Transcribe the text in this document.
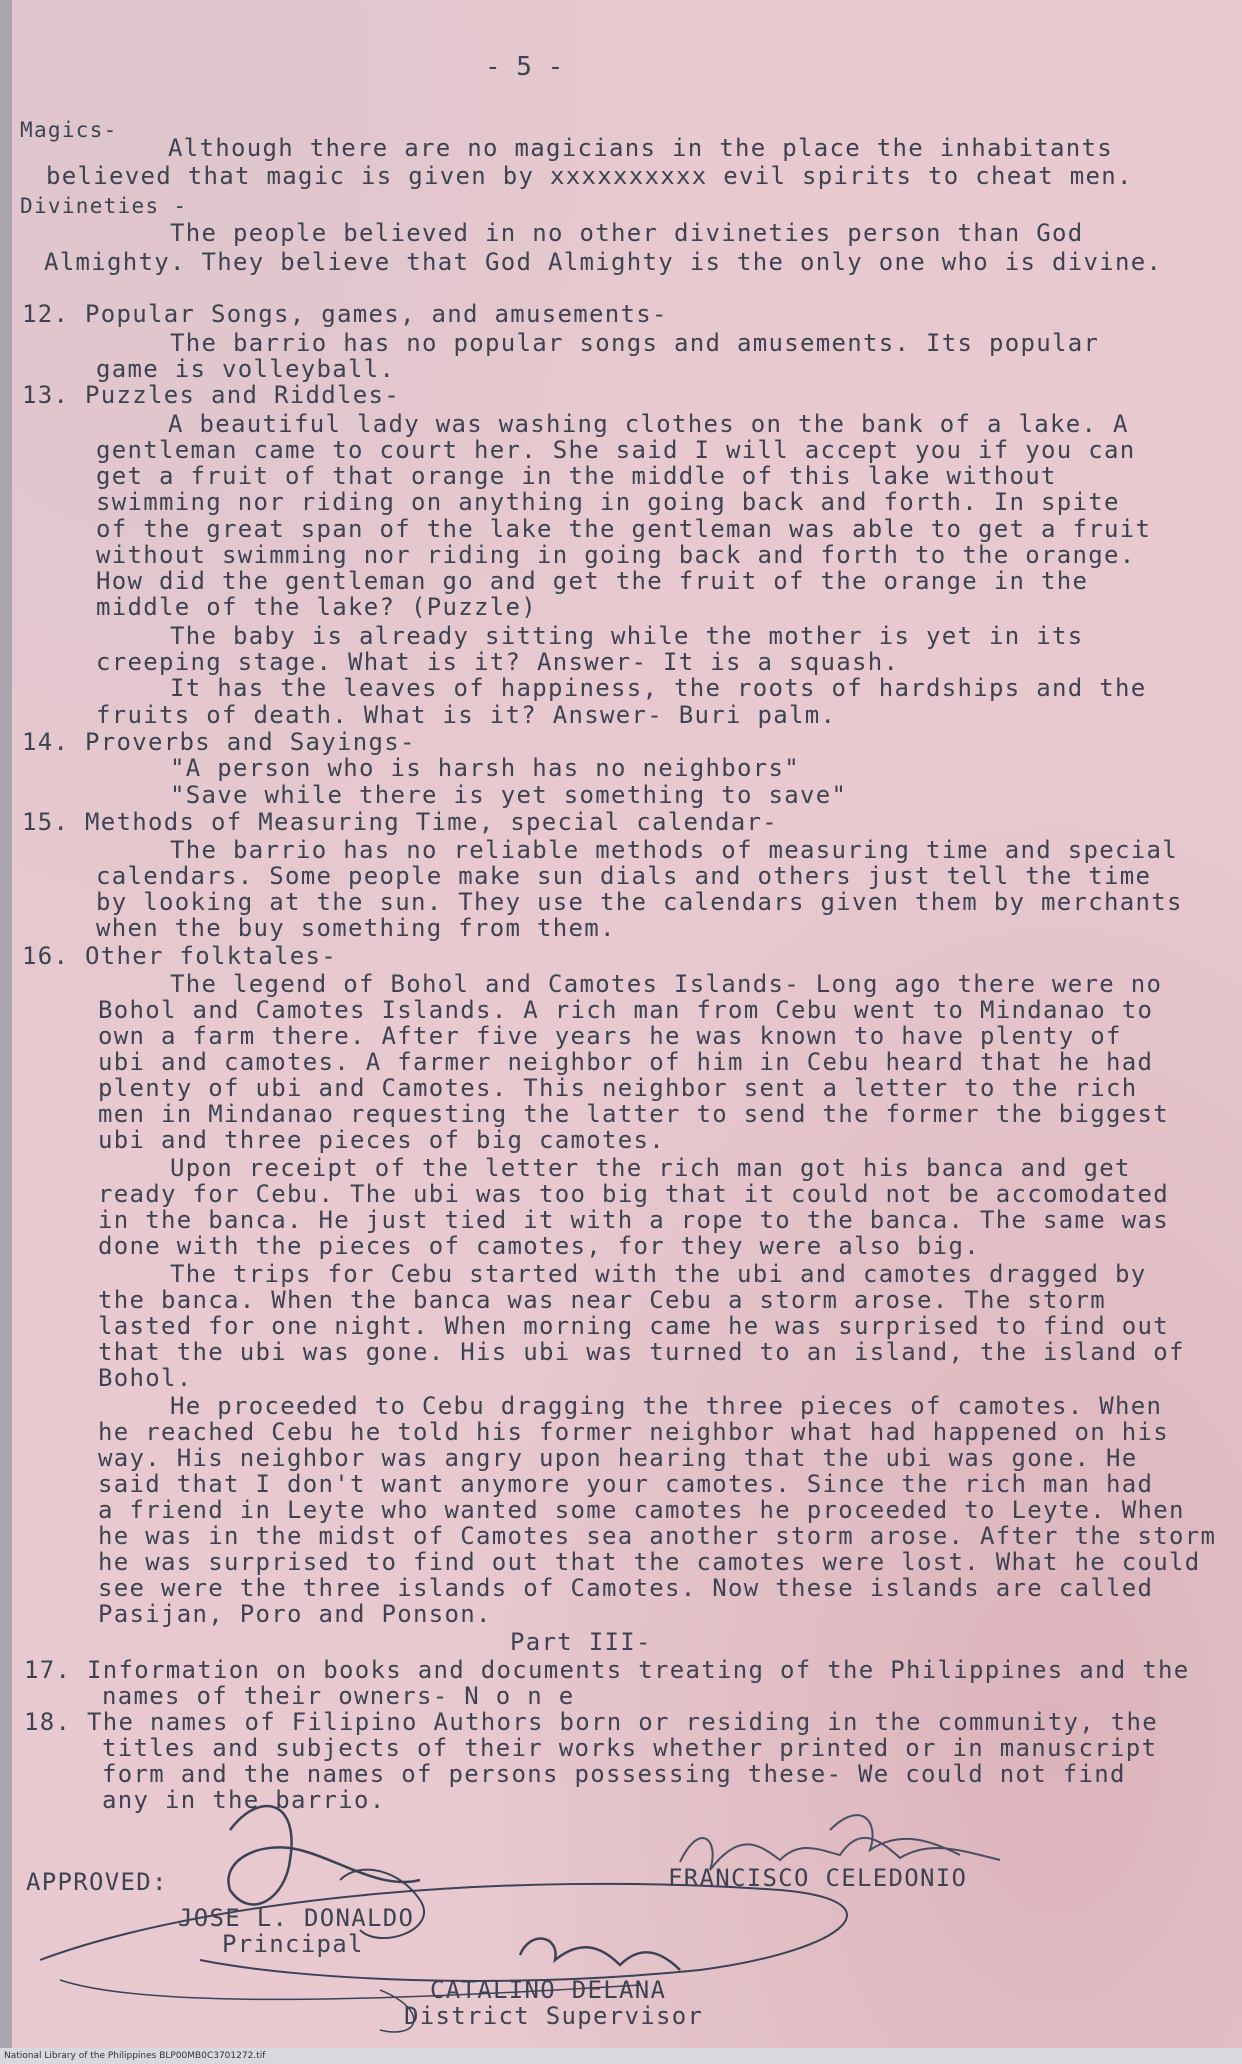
- 5 -
Magics-
Although there are no magicians in the place the inhabitants
believed that magic is given by xxxxxxxxxx evil spirits to cheat men.
Divineties -
The people believed in no other divineties person than God
Almighty. They believe that God Almighty is the only one who is divine.
12. Popular Songs, games, and amusements-
The barrio has no popular songs and amusements. Its popular
game is volleyball.
13. Puzzles and Riddles-
A beautiful lady was washing clothes on the bank of a lake. A
gentleman came to court her. She said I will accept you if you can
get a fruit of that orange in the middle of this lake without
swimming nor riding on anything in going back and forth. In spite
of the great span of the lake the gentleman was able to get a fruit
without swimming nor riding in going back and forth to the orange.
How did the gentleman go and get the fruit of the orange in the
middle of the lake? (Puzzle)
The baby is already sitting while the mother is yet in its
creeping stage. What is it? Answer- It is a squash.
It has the leaves of happiness, the roots of hardships and the
fruits of death. What is it? Answer- Buri palm.
14. Proverbs and Sayings-
"A person who is harsh has no neighbors"
"Save while there is yet something to save"
15. Methods of Measuring Time, special calendar-
The barrio has no reliable methods of measuring time and special
calendars. Some people make sun dials and others just tell the time
by looking at the sun. They use the calendars given them by merchants
when the buy something from them.
16. Other folktales-
The legend of Bohol and Camotes Islands- Long ago there were no
Bohol and Camotes Islands. A rich man from Cebu went to Mindanao to
own a farm there. After five years he was known to have plenty of
ubi and camotes. A farmer neighbor of him in Cebu heard that he had
plenty of ubi and Camotes. This neighbor sent a letter to the rich
men in Mindanao requesting the latter to send the former the biggest
ubi and three pieces of big camotes.
Upon receipt of the letter the rich man got his banca and get
ready for Cebu. The ubi was too big that it could not be accomodated
in the banca. He just tied it with a rope to the banca. The same was
done with the pieces of camotes, for they were also big.
The trips for Cebu started with the ubi and camotes dragged by
the banca. When the banca was near Cebu a storm arose. The storm
lasted for one night. When morning came he was surprised to find out
that the ubi was gone. His ubi was turned to an island, the island of
Bohol.
He proceeded to Cebu dragging the three pieces of camotes. When
he reached Cebu he told his former neighbor what had happened on his
way. His neighbor was angry upon hearing that the ubi was gone. He
said that I don't want anymore your camotes. Since the rich man had
a friend in Leyte who wanted some camotes he proceeded to Leyte. When
he was in the midst of Camotes sea another storm arose. After the storm
he was surprised to find out that the camotes were lost. What he could
see were the three islands of Camotes. Now these islands are called
Pasijan, Poro and Ponson.
Part III-
17. Information on books and documents treating of the Philippines and the
names of their owners- N o n e
18. The names of Filipino Authors born or residing in the community, the
titles and subjects of their works whether printed or in manuscript
form and the names of persons possessing these- We could not find
any in the barrio.
FRANCISCO CELEDONIO
APPROVED:
JOSE L. DONALDO
Principal
CATALINO DELANA
District Supervisor
National Library of the Philippines BLP00MB0C3701272.tif
